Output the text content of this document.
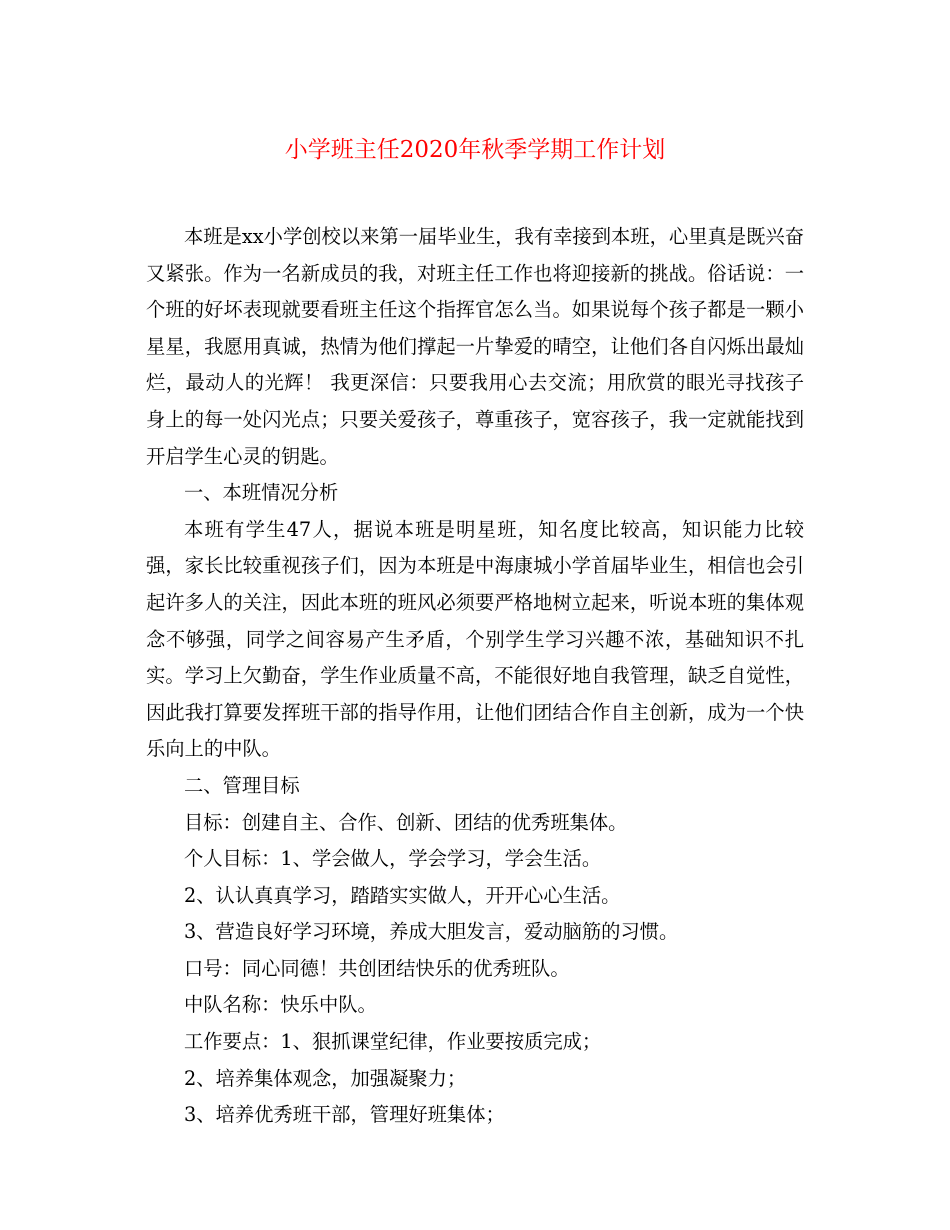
小学班主任2020年秋季学期工作计划

本班是xx小学创校以来第一届毕业生，我有幸接到本班，心里真是既兴奋又紧张。作为一名新成员的我，对班主任工作也将迎接新的挑战。俗话说：一个班的好坏表现就要看班主任这个指挥官怎么当。如果说每个孩子都是一颗小星星，我愿用真诚，热情为他们撑起一片挚爱的晴空，让他们各自闪烁出最灿烂，最动人的光辉！ 我更深信：只要我用心去交流；用欣赏的眼光寻找孩子身上的每一处闪光点；只要关爱孩子，尊重孩子，宽容孩子，我一定就能找到开启学生心灵的钥匙。

一、本班情况分析

本班有学生47人，据说本班是明星班，知名度比较高，知识能力比较强，家长比较重视孩子们，因为本班是中海康城小学首届毕业生，相信也会引起许多人的关注，因此本班的班风必须要严格地树立起来，听说本班的集体观念不够强，同学之间容易产生矛盾，个别学生学习兴趣不浓，基础知识不扎实。学习上欠勤奋，学生作业质量不高，不能很好地自我管理，缺乏自觉性，因此我打算要发挥班干部的指导作用，让他们团结合作自主创新，成为一个快乐向上的中队。

二、管理目标

目标：创建自主、合作、创新、团结的优秀班集体。

个人目标：1、学会做人，学会学习，学会生活。

2、认认真真学习，踏踏实实做人，开开心心生活。

3、营造良好学习环境，养成大胆发言，爱动脑筋的习惯。

口号：同心同德！共创团结快乐的优秀班队。

中队名称：快乐中队。

工作要点：1、狠抓课堂纪律，作业要按质完成；

2、培养集体观念，加强凝聚力；

3、培养优秀班干部，管理好班集体；
